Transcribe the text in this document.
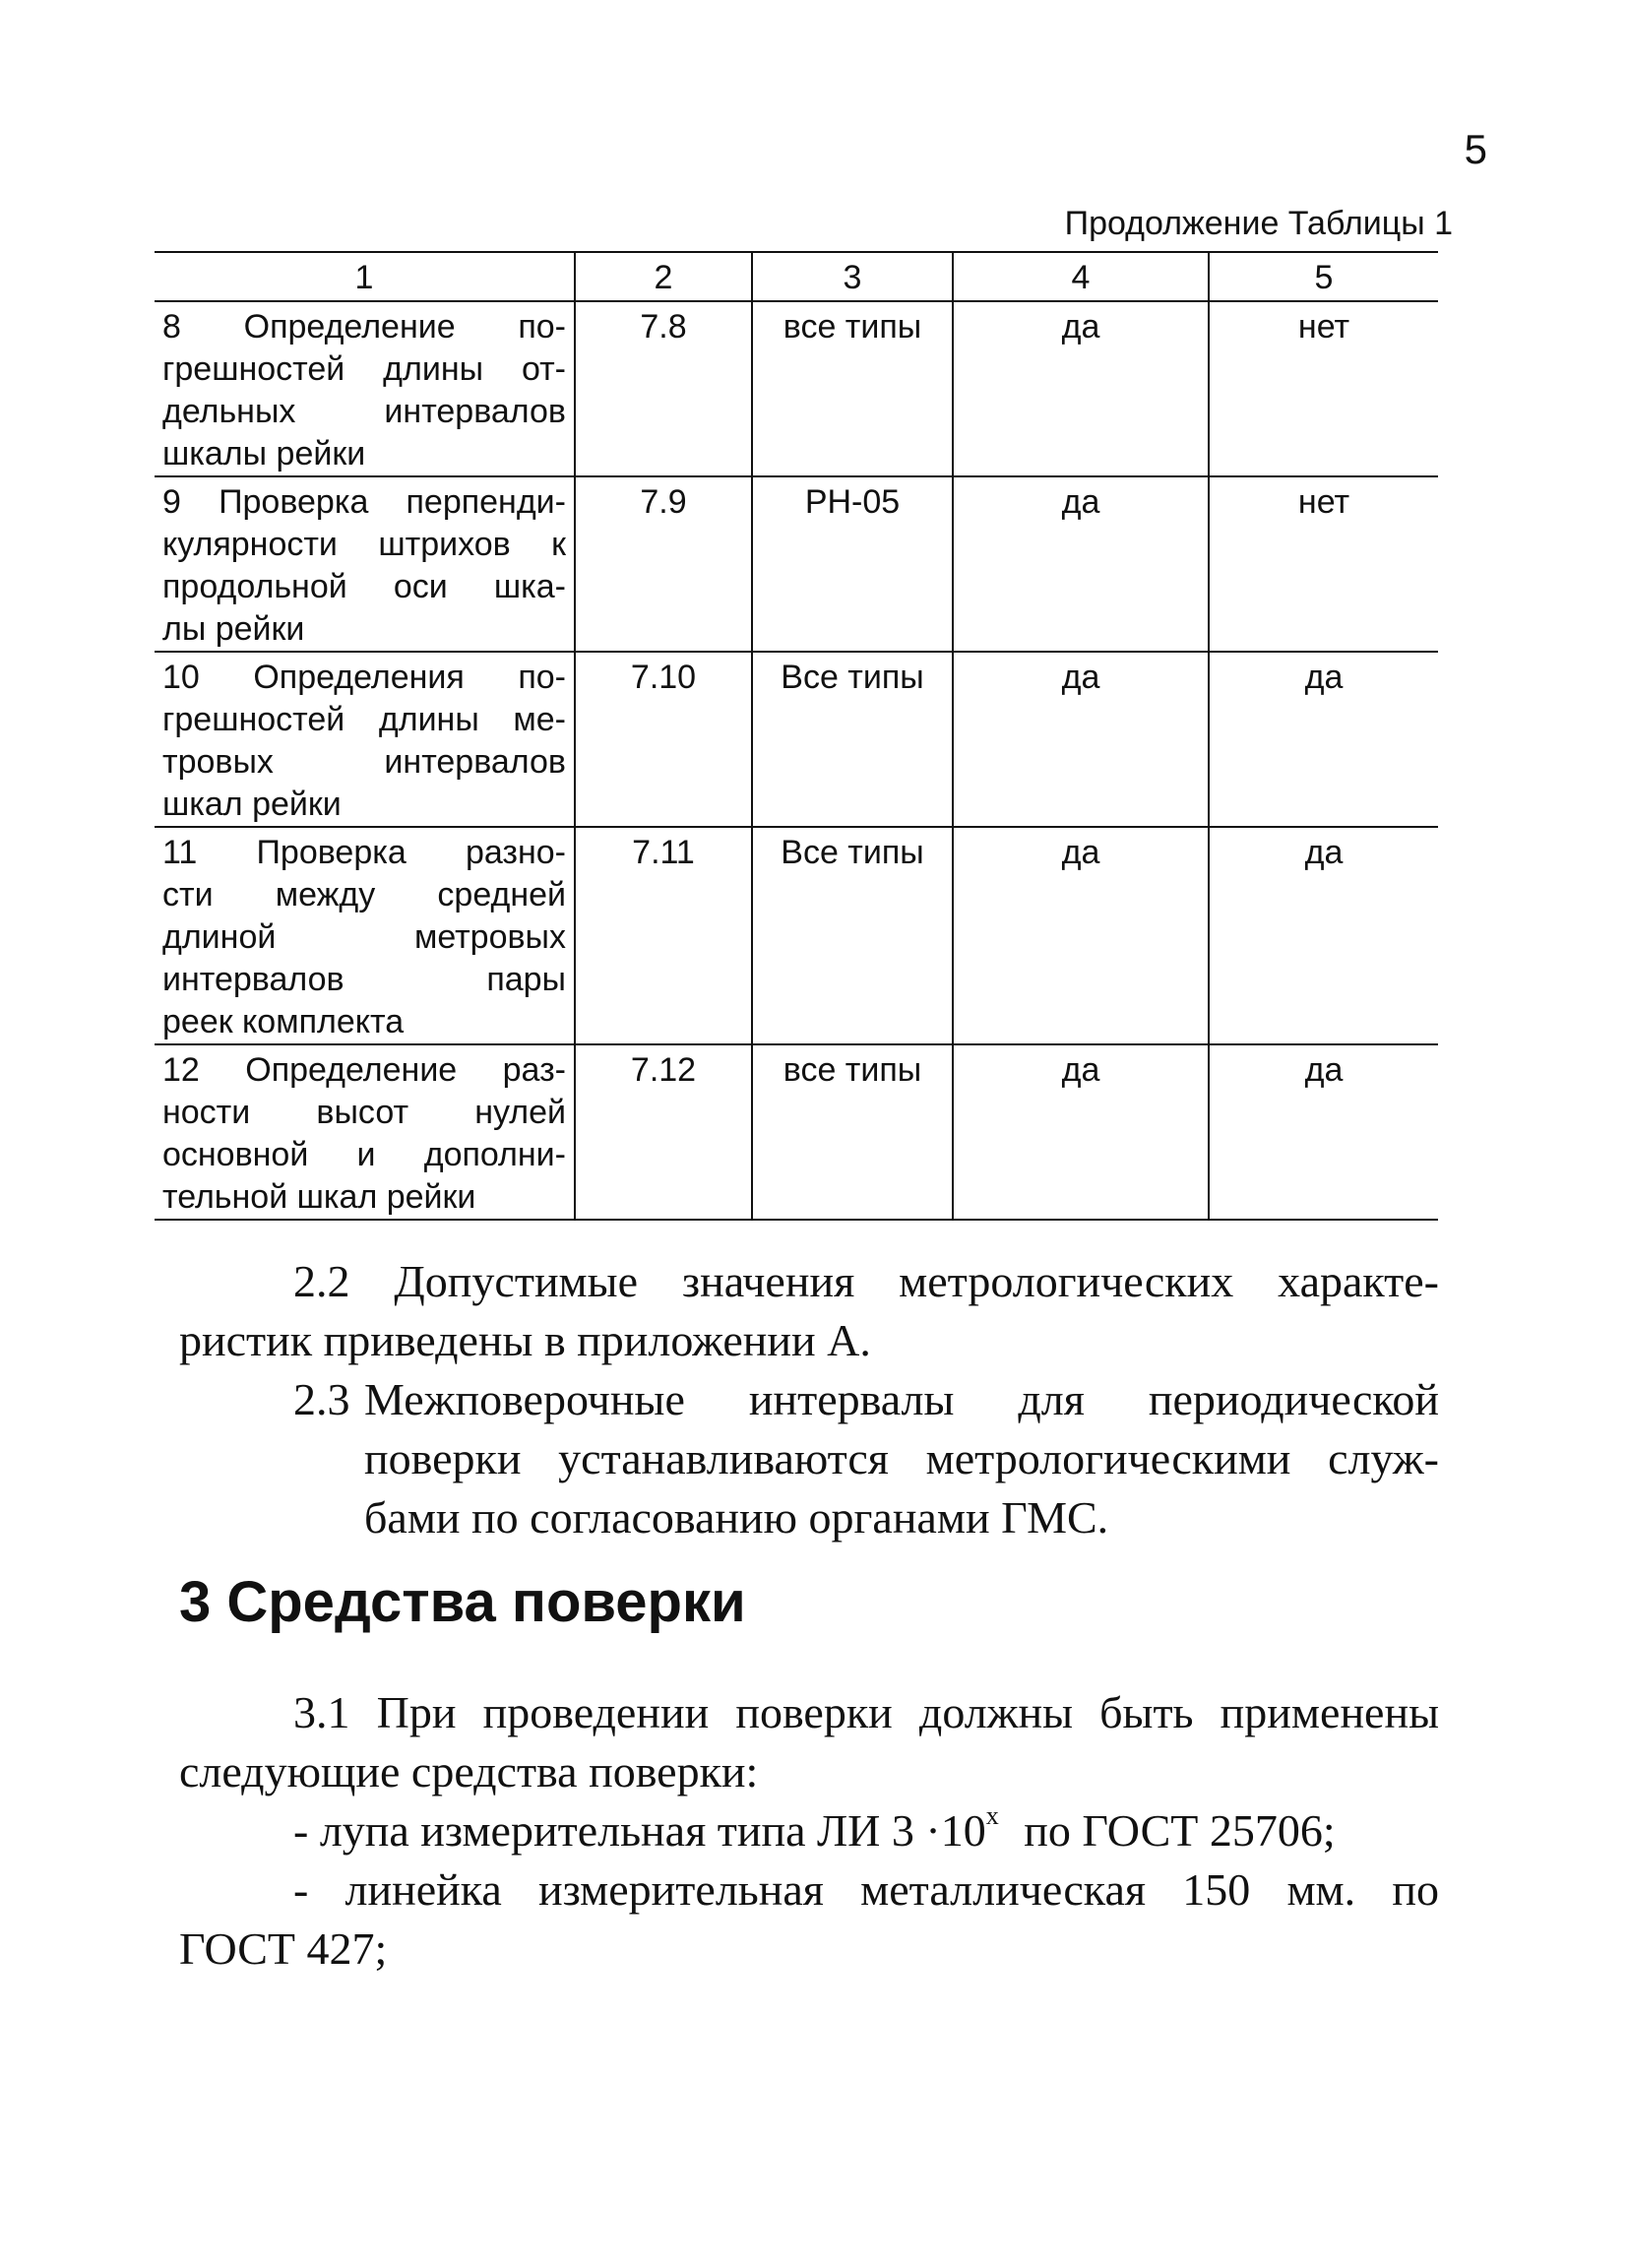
5
Продолжение Таблицы 1
1	2	3	4	5

8 Определение по-
грешностей длины от-
дельных интервалов
шкалы рейки	7.8	все типы	да	нет

9 Проверка перпенди-
кулярности штрихов к
продольной оси шка-
лы рейки	7.9	РН-05	да	нет

10 Определения по-
грешностей длины ме-
тровых интервалов
шкал рейки	7.10	Все типы	да	да

11 Проверка разно-
сти между средней
длиной метровых
интервалов пары
реек комплекта	7.11	Все типы	да	да

12 Определение раз-
ности высот нулей
основной и дополни-
тельной шкал рейки	7.12	все типы	да	да
2.2 Допустимые значения метрологических характе-
ристик приведены в приложении А.
2.3 Межповерочные интервалы для периодической
поверки устанавливаются метрологическими служ-
бами по согласованию органами ГМС.
3 Средства поверки
3.1 При проведении поверки должны быть применены
следующие средства поверки:
- лупа измерительная типа ЛИ $3 \cdot 10^x$ по ГОСТ 25706;
- линейка измерительная металлическая 150 мм. по
ГОСТ 427;
